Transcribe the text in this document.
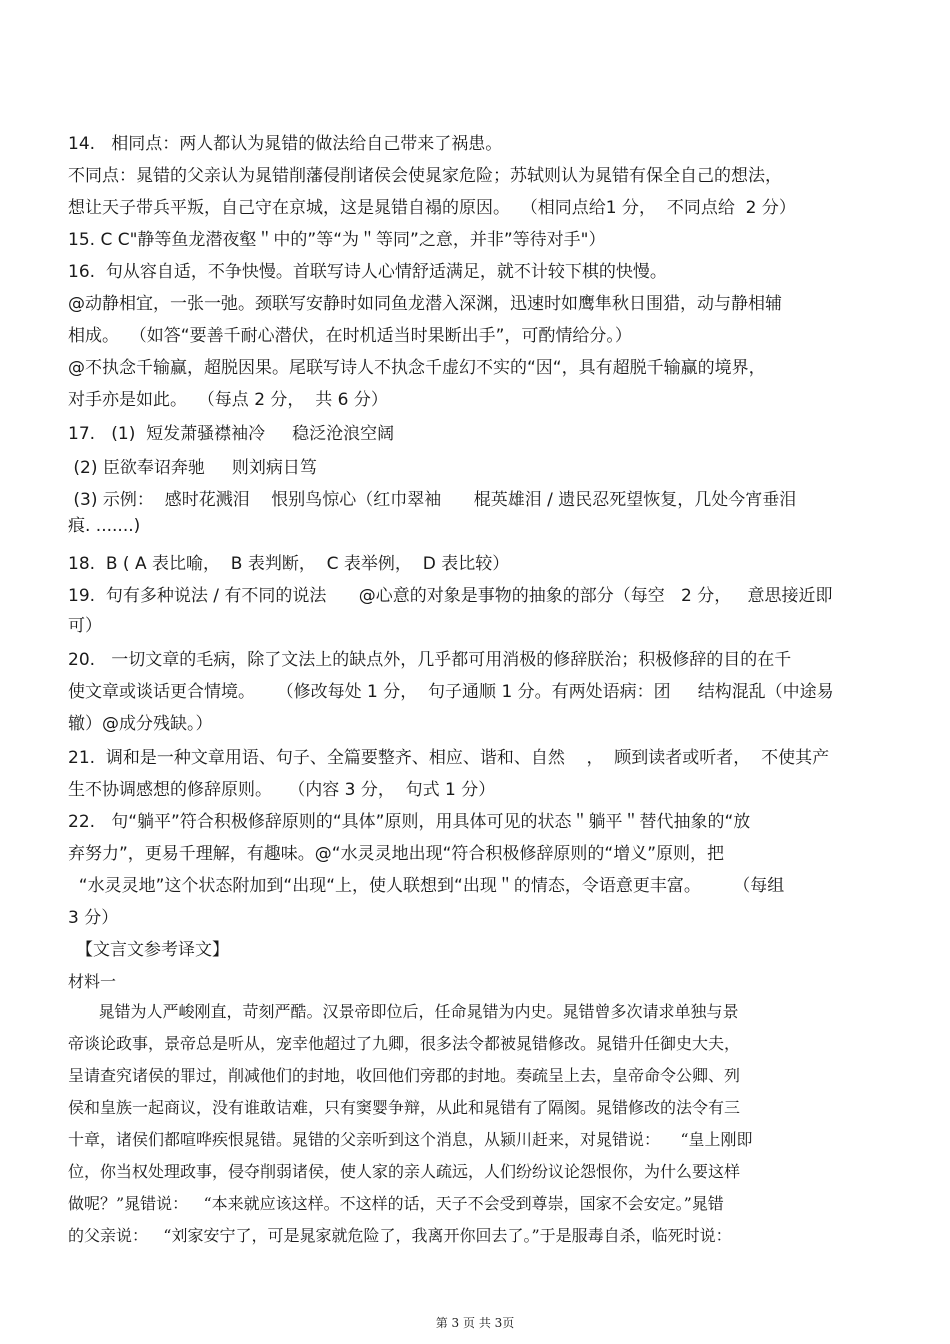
14.   相同点：两人都认为晁错的做法给自己带来了祸患。
不同点：晁错的父亲认为晁错削藩侵削诸侯会使晁家危险；苏轼则认为晁错有保全自己的想法，
想让天子带兵平叛，自己守在京城，这是晁错自褟的原因。  （相同点给1 分，  不同点给  2 分）
15. C C"静等鱼龙潜夜壑＂中的”等“为＂等同”之意，并非”等待对手"）
16.  句从容自适，不争快慢。首联写诗人心情舒适满足，就不计较下棋的快慢。
@动静相宜，一张一弛。颈联写安静时如同鱼龙潜入深渊，迅速时如鹰隼秋日围猎，动与静相辅
相成。  （如答“要善千耐心潜伏，在时机适当时果断出手”，可酌情给分。）
@不执念千输赢，超脱因果。尾联写诗人不执念千虚幻不实的“因“，具有超脱千输赢的境界，
对手亦是如此。  （每点 2 分，  共 6 分）
17.   (1)  短发萧骚襟袖冷     稳泛沧浪空阔
(2) 臣欲奉诏奔驰     则刘病日笃
(3) 示例：  感时花溅泪    恨别鸟惊心（红巾翠袖      棍英雄泪 / 遗民忍死望恢复，几处今宵垂泪
痕. .......)
18.  B ( A 表比喻，  B 表判断，  C 表举例，  D 表比较）
19.  句有多种说法 / 有不同的说法      @心意的对象是事物的抽象的部分（每空   2 分，   意思接近即
可）
20.   一切文章的毛病，除了文法上的缺点外，几乎都可用消极的修辞朕治；积极修辞的目的在千
使文章或谈话更合情境。    （修改每处 1 分，  句子通顺 1 分。有两处语病：团     结构混乱（中途易
辙）@成分残缺。）
21.  调和是一种文章用语、句子、全篇要整齐、相应、谐和、自然    ，  顾到读者或听者，  不使其产
生不协调感想的修辞原则。   （内容 3 分，  句式 1 分）
22.   句“躺平”符合积极修辞原则的“具体”原则，用具体可见的状态＂躺平＂替代抽象的“放
弃努力”，更易千理解，有趣味。@“水灵灵地出现“符合积极修辞原则的“增义”原则，把
“水灵灵地”这个状态附加到“出现“上，使人联想到“出现＂的情态，令语意更丰富。      （每组
3 分）
【文言文参考译文】
材料一
晁错为人严峻刚直，苛刻严酷。汉景帝即位后，任命晁错为内史。晁错曾多次请求单独与景
帝谈论政事，景帝总是听从，宠幸他超过了九卿，很多法令都被晁错修改。晁错升任御史大夫，
呈请查究诸侯的罪过，削减他们的封地，收回他们旁郡的封地。奏疏呈上去，皇帝命令公卿、列
侯和皇族一起商议，没有谁敢诘难，只有窦婴争辩，从此和晁错有了隔阂。晁错修改的法令有三
十章，诸侯们都喧哗疾恨晁错。晁错的父亲听到这个消息，从颍川赶来，对晁错说：    “皇上刚即
位，你当权处理政事，侵夺削弱诸侯，使人家的亲人疏远，人们纷纷议论怨恨你，为什么要这样
做呢？”晁错说：   “本来就应该这样。不这样的话，天子不会受到尊崇，国家不会安定。”晁错
的父亲说：   “刘家安宁了，可是晁家就危险了，我离开你回去了。”于是服毒自杀，临死时说：
第 3 页 共 3页
